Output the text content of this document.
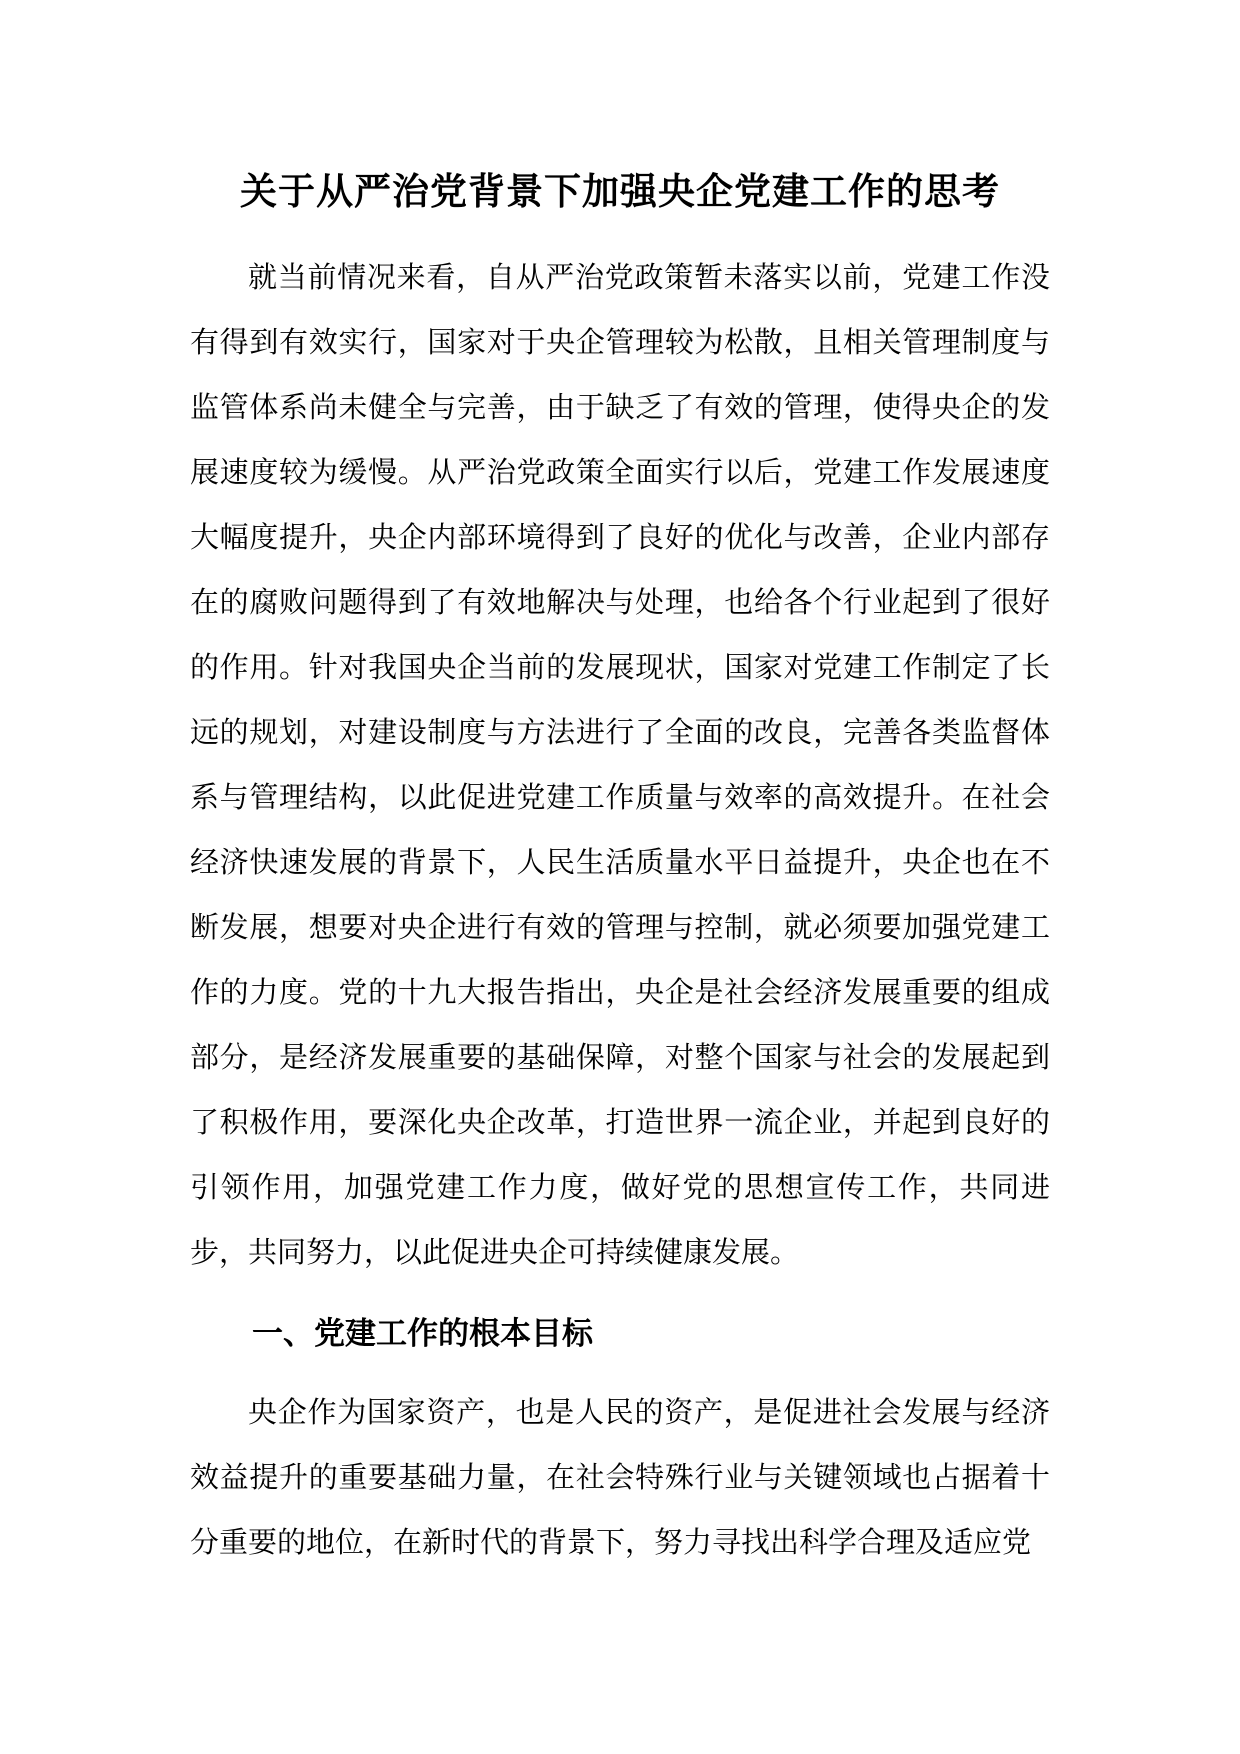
关于从严治党背景下加强央企党建工作的思考

就当前情况来看，自从严治党政策暂未落实以前，党建工作没有得到有效实行，国家对于央企管理较为松散，且相关管理制度与监管体系尚未健全与完善，由于缺乏了有效的管理，使得央企的发展速度较为缓慢。从严治党政策全面实行以后，党建工作发展速度大幅度提升，央企内部环境得到了良好的优化与改善，企业内部存在的腐败问题得到了有效地解决与处理，也给各个行业起到了很好的作用。针对我国央企当前的发展现状，国家对党建工作制定了长远的规划，对建设制度与方法进行了全面的改良，完善各类监督体系与管理结构，以此促进党建工作质量与效率的高效提升。在社会经济快速发展的背景下，人民生活质量水平日益提升，央企也在不断发展，想要对央企进行有效的管理与控制，就必须要加强党建工作的力度。党的十九大报告指出，央企是社会经济发展重要的组成部分，是经济发展重要的基础保障，对整个国家与社会的发展起到了积极作用，要深化央企改革，打造世界一流企业，并起到良好的引领作用，加强党建工作力度，做好党的思想宣传工作，共同进步，共同努力，以此促进央企可持续健康发展。

一、党建工作的根本目标

央企作为国家资产，也是人民的资产，是促进社会发展与经济效益提升的重要基础力量，在社会特殊行业与关键领域也占据着十分重要的地位，在新时代的背景下，努力寻找出科学合理及适应党
